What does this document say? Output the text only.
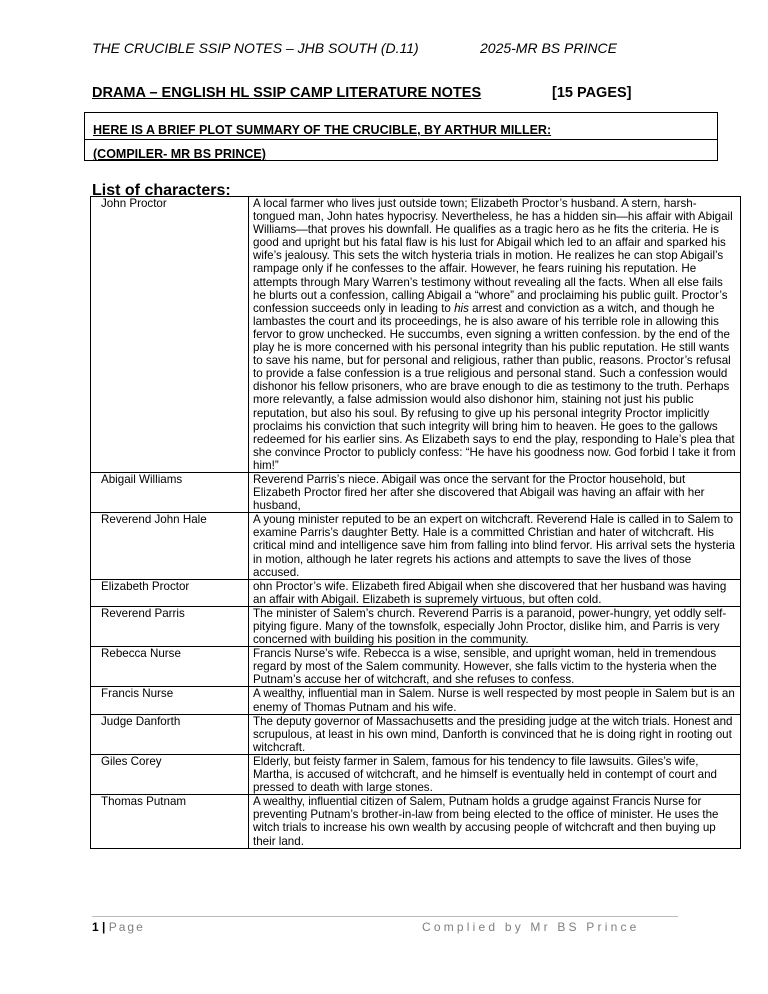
THE CRUCIBLE SSIP NOTES – JHB SOUTH (D.11)	2025-MR BS PRINCE
DRAMA – ENGLISH HL SSIP CAMP LITERATURE NOTES	[15 PAGES]
HERE IS A BRIEF PLOT SUMMARY OF THE CRUCIBLE, BY ARTHUR MILLER:
(COMPILER- MR BS PRINCE)
List of characters:
John Proctor	A local farmer who lives just outside town; Elizabeth Proctor’s husband. A stern, harsh-tongued man, John hates hypocrisy. Nevertheless, he has a hidden sin—his affair with Abigail Williams—that proves his downfall. He qualifies as a tragic hero as he fits the criteria. He is good and upright but his fatal flaw is his lust for Abigail which led to an affair and sparked his wife’s jealousy. This sets the witch hysteria trials in motion. He realizes he can stop Abigail’s rampage only if he confesses to the affair. However, he fears ruining his reputation. He attempts through Mary Warren’s testimony without revealing all the facts. When all else fails he blurts out a confession, calling Abigail a “whore” and proclaiming his public guilt. Proctor’s confession succeeds only in leading to his arrest and conviction as a witch, and though he lambastes the court and its proceedings, he is also aware of his terrible role in allowing this fervor to grow unchecked. He succumbs, even signing a written confession. by the end of the play he is more concerned with his personal integrity than his public reputation. He still wants to save his name, but for personal and religious, rather than public, reasons. Proctor’s refusal to provide a false confession is a true religious and personal stand. Such a confession would dishonor his fellow prisoners, who are brave enough to die as testimony to the truth. Perhaps more relevantly, a false admission would also dishonor him, staining not just his public reputation, but also his soul. By refusing to give up his personal integrity Proctor implicitly proclaims his conviction that such integrity will bring him to heaven. He goes to the gallows redeemed for his earlier sins. As Elizabeth says to end the play, responding to Hale’s plea that she convince Proctor to publicly confess: “He have his goodness now. God forbid I take it from him!”
Abigail Williams	Reverend Parris’s niece. Abigail was once the servant for the Proctor household, but Elizabeth Proctor fired her after she discovered that Abigail was having an affair with her husband,
Reverend John Hale	A young minister reputed to be an expert on witchcraft. Reverend Hale is called in to Salem to examine Parris’s daughter Betty. Hale is a committed Christian and hater of witchcraft. His critical mind and intelligence save him from falling into blind fervor. His arrival sets the hysteria in motion, although he later regrets his actions and attempts to save the lives of those accused.
Elizabeth Proctor	ohn Proctor’s wife. Elizabeth fired Abigail when she discovered that her husband was having an affair with Abigail. Elizabeth is supremely virtuous, but often cold.
Reverend Parris	The minister of Salem’s church. Reverend Parris is a paranoid, power-hungry, yet oddly self-pitying figure. Many of the townsfolk, especially John Proctor, dislike him, and Parris is very concerned with building his position in the community.
Rebecca Nurse	Francis Nurse’s wife. Rebecca is a wise, sensible, and upright woman, held in tremendous regard by most of the Salem community. However, she falls victim to the hysteria when the Putnam’s accuse her of witchcraft, and she refuses to confess.
Francis Nurse	A wealthy, influential man in Salem. Nurse is well respected by most people in Salem but is an enemy of Thomas Putnam and his wife.
Judge Danforth	The deputy governor of Massachusetts and the presiding judge at the witch trials. Honest and scrupulous, at least in his own mind, Danforth is convinced that he is doing right in rooting out witchcraft.
Giles Corey	Elderly, but feisty farmer in Salem, famous for his tendency to file lawsuits. Giles’s wife, Martha, is accused of witchcraft, and he himself is eventually held in contempt of court and pressed to death with large stones.
Thomas Putnam	A wealthy, influential citizen of Salem, Putnam holds a grudge against Francis Nurse for preventing Putnam’s brother-in-law from being elected to the office of minister. He uses the witch trials to increase his own wealth by accusing people of witchcraft and then buying up their land.
1 | Page	Complied by Mr BS Prince
